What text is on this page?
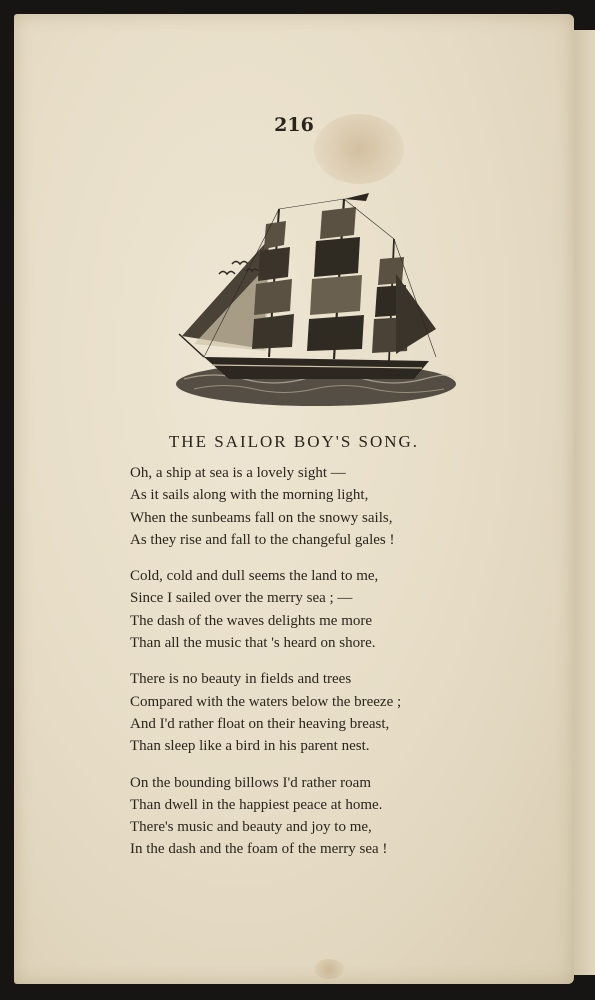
216
THE SAILOR BOY'S SONG.
Oh, a ship at sea is a lovely sight —
As it sails along with the morning light,
When the sunbeams fall on the snowy sails,
As they rise and fall to the changeful gales !
Cold, cold and dull seems the land to me,
Since I sailed over the merry sea ; —
The dash of the waves delights me more
Than all the music that 's heard on shore.
There is no beauty in fields and trees
Compared with the waters below the breeze ;
And I'd rather float on their heaving breast,
Than sleep like a bird in his parent nest.
On the bounding billows I'd rather roam
Than dwell in the happiest peace at home.
There's music and beauty and joy to me,
In the dash and the foam of the merry sea !
